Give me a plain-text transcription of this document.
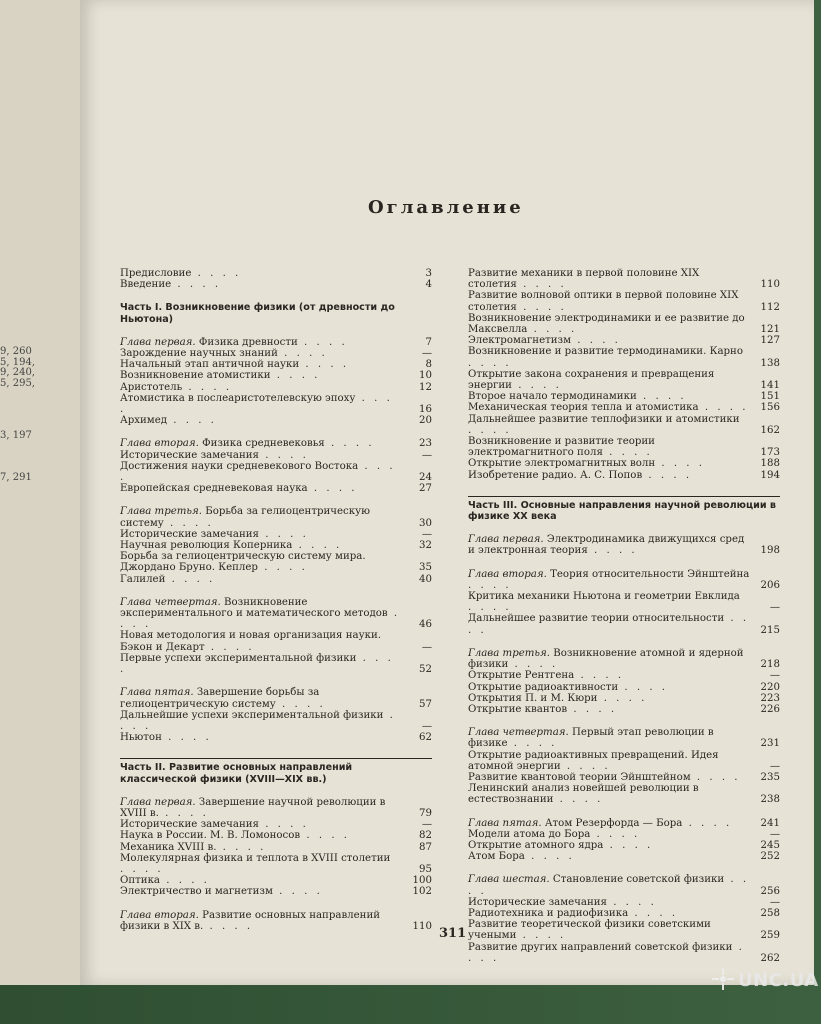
9, 260
5, 194,
9, 240,
5, 295,

3, 197

7, 291
Оглавление
Предисловие . . . .	3
Введение . . . .	4
Часть I. Возникновение физики (от древности до Ньютона)
Глава первая. Физика древности . . . .	7
Зарождение научных знаний . . . .	—
Начальный этап античной науки . . . .	8
Возникновение атомистики . . . .	10
Аристотель . . . .	12
Атомистика в послеаристотелевскую эпоху . . . .	16
Архимед . . . .	20
Глава вторая. Физика средневековья . . . .	23
Исторические замечания . . . .	—
Достижения науки средневекового Востока . . . .	24
Европейская средневековая наука . . . .	27
Глава третья. Борьба за гелиоцентрическую систему . . . .	30
Исторические замечания . . . .	—
Научная революция Коперника . . . .	32
Борьба за гелиоцентрическую систему мира. Джордано Бруно. Кеплер . . . .	35
Галилей . . . .	40
Глава четвертая. Возникновение экспериментального и математического методов . . . .	46
Новая методология и новая организация науки. Бэкон и Декарт . . . .	—
Первые успехи экспериментальной физики . . . .	52
Глава пятая. Завершение борьбы за гелиоцентрическую систему . . . .	57
Дальнейшие успехи экспериментальной физики . . . .	—
Ньютон . . . .	62
Часть II. Развитие основных направлений классической физики (XVIII—XIX вв.)
Глава первая. Завершение научной революции в XVIII в. . . . .	79
Исторические замечания . . . .	—
Наука в России. М. В. Ломоносов . . . .	82
Механика XVIII в. . . . .	87
Молекулярная физика и теплота в XVIII столетии . . . .	95
Оптика . . . .	100
Электричество и магнетизм . . . .	102
Глава вторая. Развитие основных направлений физики в XIX в. . . . .	110
Развитие механики в первой половине XIX столетия . . . .	110
Развитие волновой оптики в первой половине XIX столетия . . . .	112
Возникновение электродинамики и ее развитие до Максвелла . . . .	121
Электромагнетизм . . . .	127
Возникновение и развитие термодинамики. Карно . . . .	138
Открытие закона сохранения и превращения энергии . . . .	141
Второе начало термодинамики . . . .	151
Механическая теория тепла и атомистика . . . .	156
Дальнейшее развитие теплофизики и атомистики . . . .	162
Возникновение и развитие теории электромагнитного поля . . . .	173
Открытие электромагнитных волн . . . .	188
Изобретение радио. А. С. Попов . . . .	194
Часть III. Основные направления научной революции в физике XX века
Глава первая. Электродинамика движущихся сред и электронная теория . . . .	198
Глава вторая. Теория относительности Эйнштейна . . . .	206
Критика механики Ньютона и геометрии Евклида . . . .	—
Дальнейшее развитие теории относительности . . . .	215
Глава третья. Возникновение атомной и ядерной физики . . . .	218
Открытие Рентгена . . . .	—
Открытие радиоактивности . . . .	220
Открытия П. и М. Кюри . . . .	223
Открытие квантов . . . .	226
Глава четвертая. Первый этап революции в физике . . . .	231
Открытие радиоактивных превращений. Идея атомной энергии . . . .	—
Развитие квантовой теории Эйнштейном . . . .	235
Ленинский анализ новейшей революции в естествознании . . . .	238
Глава пятая. Атом Резерфорда — Бора . . . .	241
Модели атома до Бора . . . .	—
Открытие атомного ядра . . . .	245
Атом Бора . . . .	252
Глава шестая. Становление советской физики . . . .	256
Исторические замечания . . . .	—
Радиотехника и радиофизика . . . .	258
Развитие теоретической физики советскими учеными . . . .	259
Развитие других направлений советской физики . . . .	262
311
UNC.UA
